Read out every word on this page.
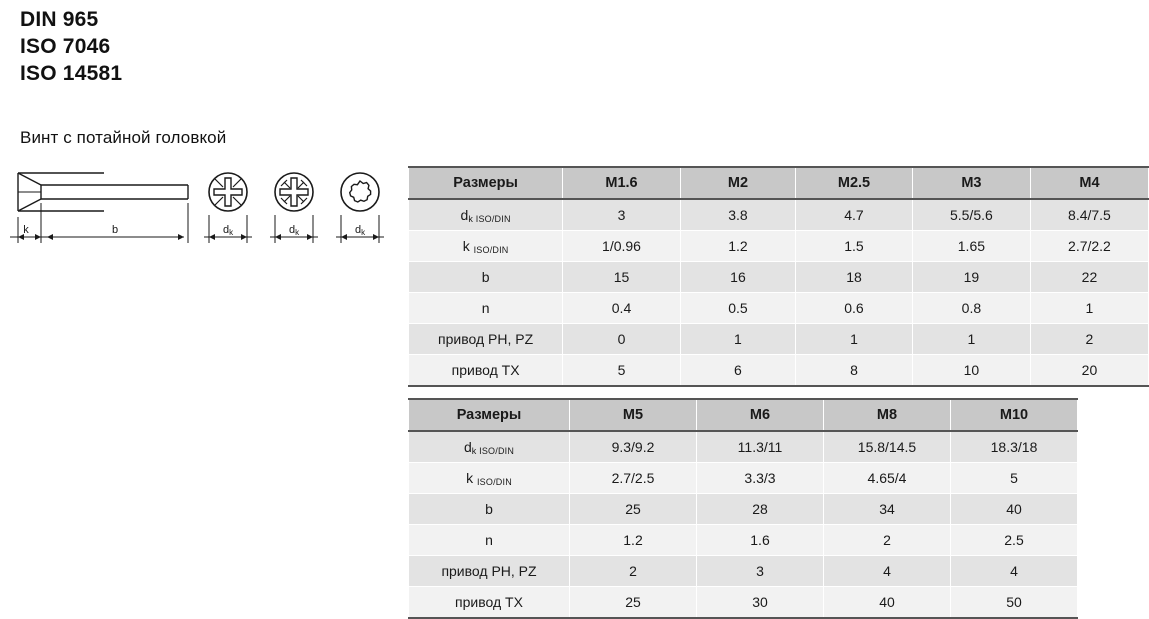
DIN 965
ISO 7046
ISO 14581
Винт с потайной головкой
k	b	dk	dk	dk
Размеры	M1.6	M2	M2.5	M3	M4
dk ISO/DIN	3	3.8	4.7	5.5/5.6	8.4/7.5
k ISO/DIN	1/0.96	1.2	1.5	1.65	2.7/2.2
b	15	16	18	19	22
n	0.4	0.5	0.6	0.8	1
привод PH, PZ	0	1	1	1	2
привод TX	5	6	8	10	20
Размеры	M5	M6	M8	M10
dk ISO/DIN	9.3/9.2	11.3/11	15.8/14.5	18.3/18
k ISO/DIN	2.7/2.5	3.3/3	4.65/4	5
b	25	28	34	40
n	1.2	1.6	2	2.5
привод PH, PZ	2	3	4	4
привод TX	25	30	40	50
